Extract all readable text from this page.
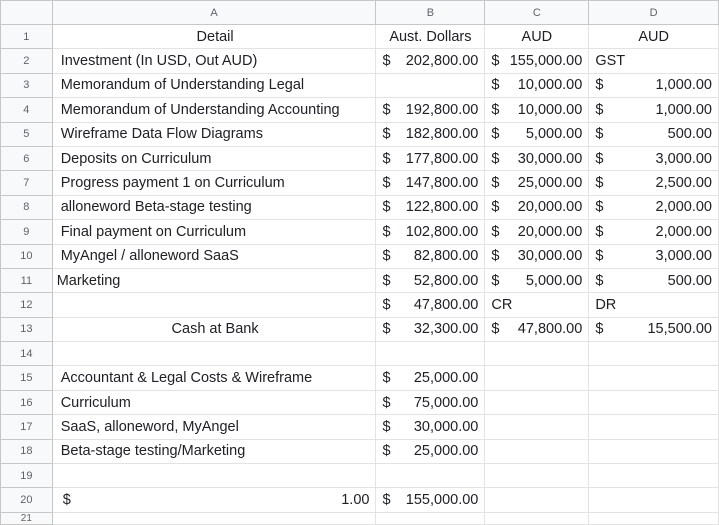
	A	B	C	D
1	Detail	Aust. Dollars	AUD	AUD
2	Investment (In USD, Out AUD)	$ 202,800.00	$ 155,000.00	GST
3	Memorandum of Understanding Legal		$ 10,000.00	$ 1,000.00

4	Memorandum of Understanding Accounting	$ 192,800.00	$ 10,000.00	$ 1,000.00

5	Wireframe Data Flow Diagrams	$ 182,800.00	$ 5,000.00	$ 500.00

6	Deposits on Curriculum	$ 177,800.00	$ 30,000.00	$ 3,000.00

7	Progress payment 1 on Curriculum	$ 147,800.00	$ 25,000.00	$ 2,500.00

8	alloneword Beta-stage testing	$ 122,800.00	$ 20,000.00	$ 2,000.00

9	Final payment on Curriculum	$ 102,800.00	$ 20,000.00	$ 2,000.00

10	MyAngel / alloneword SaaS	$ 82,800.00	$ 30,000.00	$ 3,000.00

11	Marketing	$ 52,800.00	$ 5,000.00	$ 500.00

12		$ 47,800.00	CR	DR
13	Cash at Bank	$ 32,300.00	$ 47,800.00	$ 15,500.00

14				
15	Accountant & Legal Costs & Wireframe	$ 25,000.00		

16	Curriculum	$ 75,000.00		

17	SaaS, alloneword, MyAngel	$ 30,000.00		

18	Beta-stage testing/Marketing	$ 25,000.00		

19				
20	$ 1.00	$ 155,000.00		

21				
